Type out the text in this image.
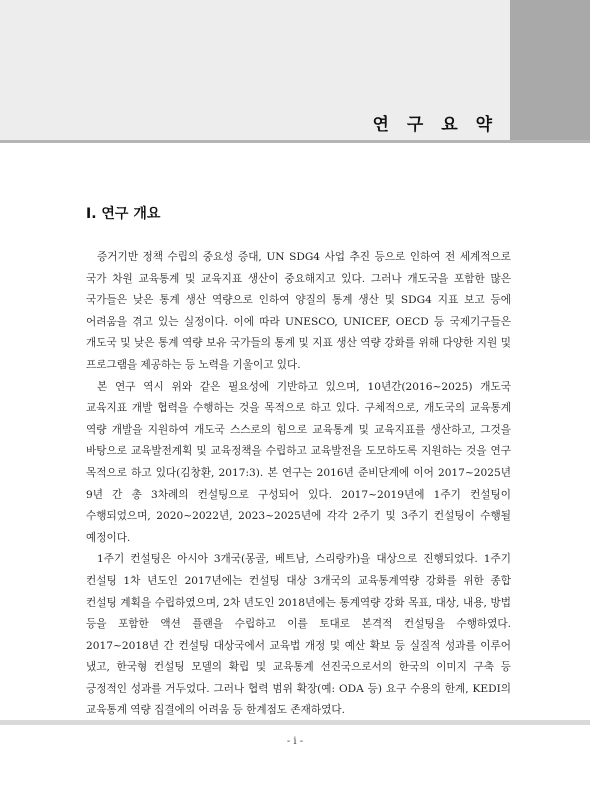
연 구 요 약
Ⅰ. 연구 개요

증거기반 정책 수립의 중요성 증대, UN SDG4 사업 추진 등으로 인하여 전 세계적으로 국가 차원 교육통계 및 교육지표 생산이 중요해지고 있다. 그러나 개도국을 포함한 많은 국가들은 낮은 통계 생산 역량으로 인하여 양질의 통계 생산 및 SDG4 지표 보고 등에 어려움을 겪고 있는 실정이다. 이에 따라 UNESCO, UNICEF, OECD 등 국제기구들은 개도국 및 낮은 통계 역량 보유 국가들의 통계 및 지표 생산 역량 강화를 위해 다양한 지원 및 프로그램을 제공하는 등 노력을 기울이고 있다.

본 연구 역시 위와 같은 필요성에 기반하고 있으며, 10년간(2016~2025) 개도국 교육지표 개발 협력을 수행하는 것을 목적으로 하고 있다. 구체적으로, 개도국의 교육통계 역량 개발을 지원하여 개도국 스스로의 힘으로 교육통계 및 교육지표를 생산하고, 그것을 바탕으로 교육발전계획 및 교육정책을 수립하고 교육발전을 도모하도록 지원하는 것을 연구 목적으로 하고 있다(김창환, 2017:3). 본 연구는 2016년 준비단계에 이어 2017~2025년 9년 간 총 3차례의 컨설팅으로 구성되어 있다. 2017~2019년에 1주기 컨설팅이 수행되었으며, 2020~2022년, 2023~2025년에 각각 2주기 및 3주기 컨설팅이 수행될 예정이다.

1주기 컨설팅은 아시아 3개국(몽골, 베트남, 스리랑카)을 대상으로 진행되었다. 1주기 컨설팅 1차 년도인 2017년에는 컨설팅 대상 3개국의 교육통계역량 강화를 위한 종합 컨설팅 계획을 수립하였으며, 2차 년도인 2018년에는 통계역량 강화 목표, 대상, 내용, 방법 등을 포함한 액션 플랜을 수립하고 이를 토대로 본격적 컨설팅을 수행하였다. 2017~2018년 간 컨설팅 대상국에서 교육법 개정 및 예산 확보 등 실질적 성과를 이루어 냈고, 한국형 컨설팅 모델의 확립 및 교육통계 선진국으로서의 한국의 이미지 구축 등 긍정적인 성과를 거두었다. 그러나 협력 범위 확장(예: ODA 등) 요구 수용의 한계, KEDI의 교육통계 역량 집결에의 어려움 등 한계점도 존재하였다.

- i -
